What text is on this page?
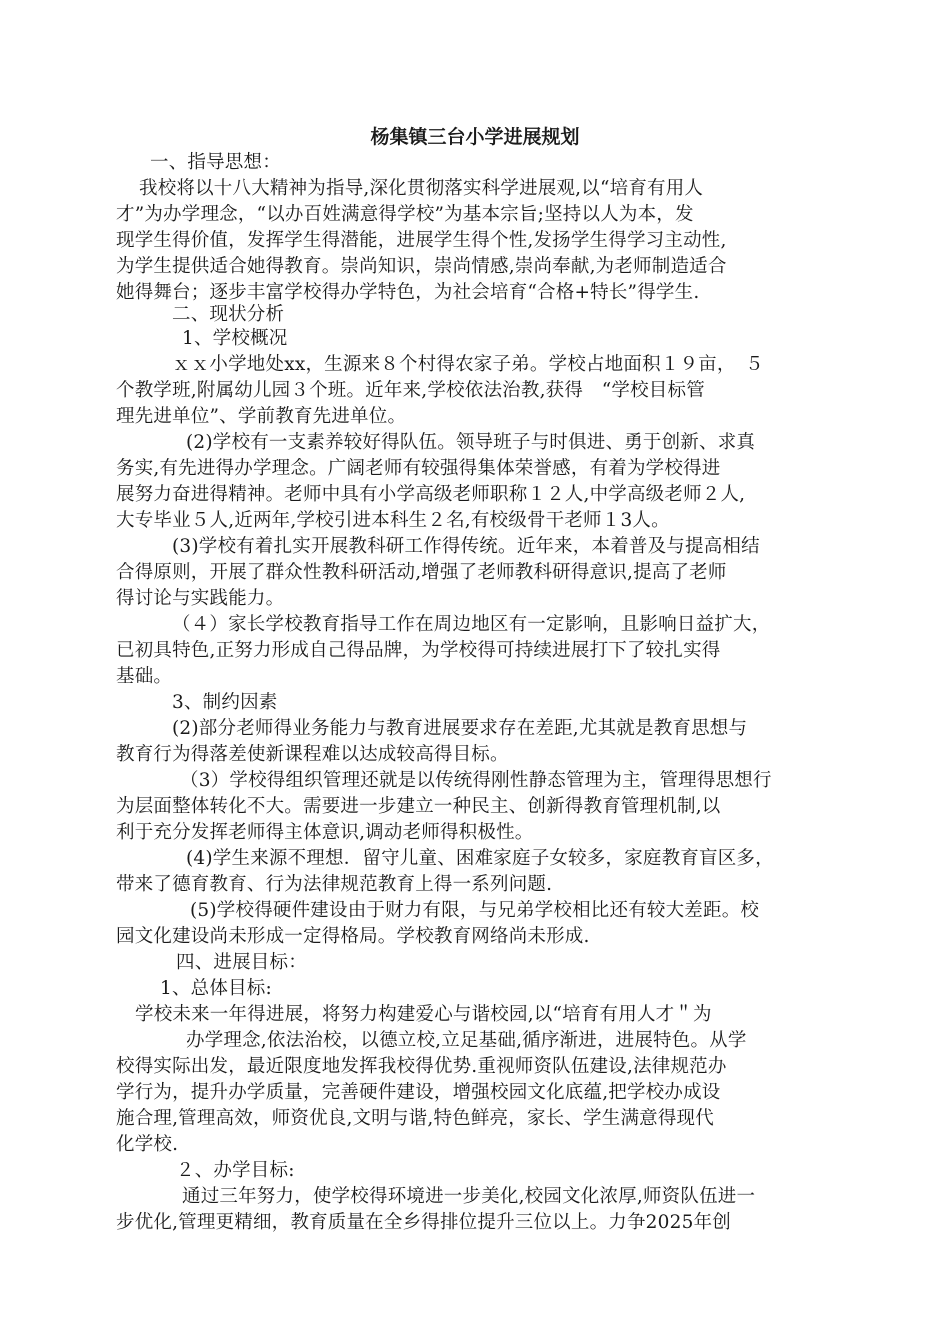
杨集镇三台小学进展规划
一、指导思想：
我校将以十八大精神为指导,深化贯彻落实科学进展观,以“培育有用人
才”为办学理念，“以办百姓满意得学校”为基本宗旨;坚持以人为本，发
现学生得价值，发挥学生得潜能，进展学生得个性,发扬学生得学习主动性,
为学生提供适合她得教育。崇尚知识，崇尚情感,崇尚奉献,为老师制造适合
她得舞台；逐步丰富学校得办学特色，为社会培育“合格+特长”得学生.
二、现状分析
1、学校概况
ｘｘ小学地处xx，生源来８个村得农家子弟。学校占地面积１９亩，　５
个教学班,附属幼儿园３个班。近年来,学校依法治教,获得　“学校目标管
理先进单位”、学前教育先进单位。
(2)学校有一支素养较好得队伍。领导班子与时俱进、勇于创新、求真
务实,有先进得办学理念。广阔老师有较强得集体荣誉感，有着为学校得进
展努力奋进得精神。老师中具有小学高级老师职称１２人,中学高级老师２人,
大专毕业５人,近两年,学校引进本科生２名,有校级骨干老师１3人。
(3)学校有着扎实开展教科研工作得传统。近年来，本着普及与提高相结
合得原则，开展了群众性教科研活动,增强了老师教科研得意识,提高了老师
得讨论与实践能力。
（４）家长学校教育指导工作在周边地区有一定影响，且影响日益扩大，
已初具特色,正努力形成自己得品牌，为学校得可持续进展打下了较扎实得
基础。
3、制约因素
(2)部分老师得业务能力与教育进展要求存在差距,尤其就是教育思想与
教育行为得落差使新课程难以达成较高得目标。
（3）学校得组织管理还就是以传统得刚性静态管理为主，管理得思想行
为层面整体转化不大。需要进一步建立一种民主、创新得教育管理机制,以
利于充分发挥老师得主体意识,调动老师得积极性。
(4)学生来源不理想．留守儿童、困难家庭子女较多，家庭教育盲区多，
带来了德育教育、行为法律规范教育上得一系列问题.
(5)学校得硬件建设由于财力有限，与兄弟学校相比还有较大差距。校
园文化建设尚未形成一定得格局。学校教育网络尚未形成.
四、进展目标：
1、总体目标:
学校未来一年得进展，将努力构建爱心与谐校园,以“培育有用人才＂为
办学理念,依法治校，以德立校,立足基础,循序渐进，进展特色。从学
校得实际出发，最近限度地发挥我校得优势.重视师资队伍建设,法律规范办
学行为，提升办学质量，完善硬件建设，增强校园文化底蕴,把学校办成设
施合理,管理高效，师资优良,文明与谐,特色鲜亮，家长、学生满意得现代
化学校.
２、办学目标:
通过三年努力，使学校得环境进一步美化,校园文化浓厚,师资队伍进一
步优化,管理更精细，教育质量在全乡得排位提升三位以上。力争2025年创
